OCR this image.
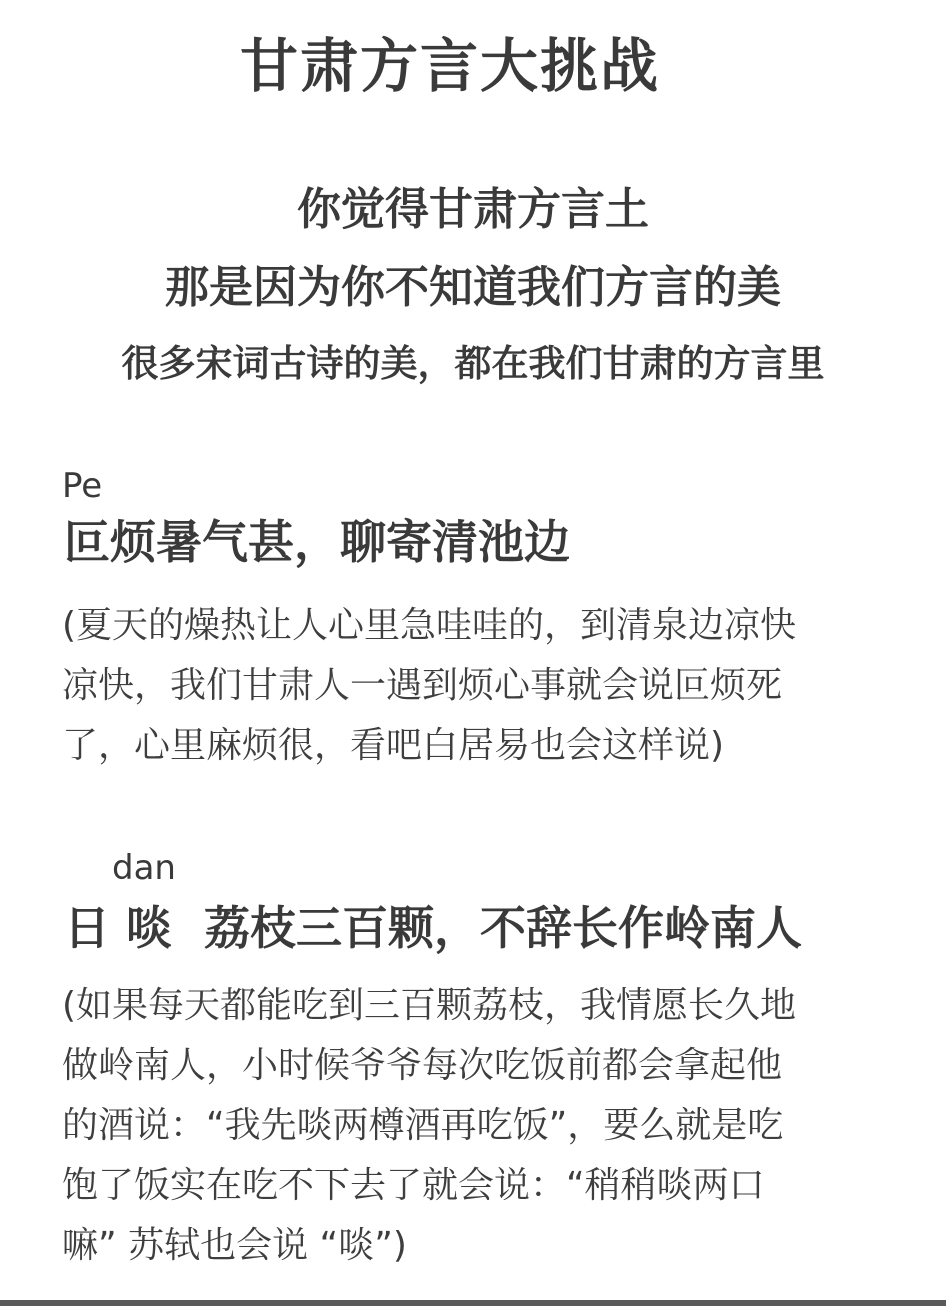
甘肃方言大挑战
你觉得甘肃方言土
那是因为你不知道我们方言的美
很多宋词古诗的美，都在我们甘肃的方言里
Pe
叵烦暑气甚，聊寄清池边
(夏天的燥热让人心里急哇哇的，到清泉边凉快
凉快，我们甘肃人一遇到烦心事就会说叵烦死
了，心里麻烦很，看吧白居易也会这样说)
dan
日 啖  荔枝三百颗，不辞长作岭南人
(如果每天都能吃到三百颗荔枝，我情愿长久地
做岭南人，小时候爷爷每次吃饭前都会拿起他
的酒说：“我先啖两樽酒再吃饭”，要么就是吃
饱了饭实在吃不下去了就会说：“稍稍啖两口
嘛” 苏轼也会说 “啖”)
